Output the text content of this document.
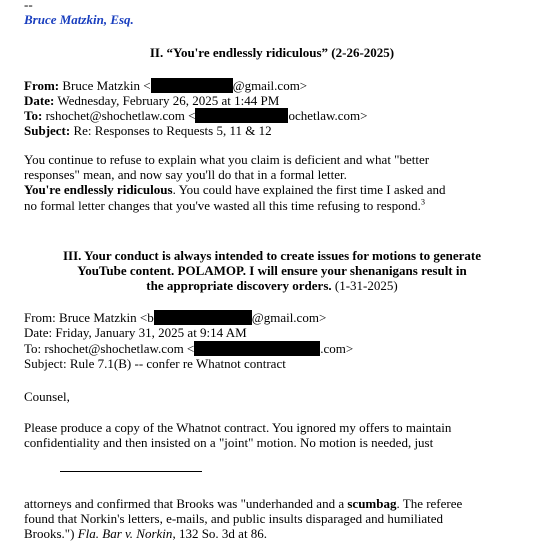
--
Bruce Matzkin, Esq.
II. “You're endlessly ridiculous” (2-26-2025)
From: Bruce Matzkin <	@gmail.com>
Date: Wednesday, February 26, 2025 at 1:44 PM
To: rshochet@shochetlaw.com <	ochetlaw.com>
Subject: Re: Responses to Requests 5, 11 & 12
You continue to refuse to explain what you claim is deficient and what "better
responses" mean, and now say you'll do that in a formal letter.
You're endlessly ridiculous. You could have explained the first time I asked and
no formal letter changes that you've wasted all this time refusing to respond.$^3$
III. Your conduct is always intended to create issues for motions to generate
YouTube content. POLAMOP. I will ensure your shenanigans result in
the appropriate discovery orders. (1-31-2025)
From: Bruce Matzkin <b	@gmail.com>
Date: Friday, January 31, 2025 at 9:14 AM
To: rshochet@shochetlaw.com <	.com>
Subject: Rule 7.1(B) -- confer re Whatnot contract
Counsel,
Please produce a copy of the Whatnot contract. You ignored my offers to maintain
confidentiality and then insisted on a "joint" motion. No motion is needed, just
attorneys and confirmed that Brooks was "underhanded and a scumbag. The referee
found that Norkin's letters, e-mails, and public insults disparaged and humiliated
Brooks.") Fla. Bar v. Norkin, 132 So. 3d at 86.
